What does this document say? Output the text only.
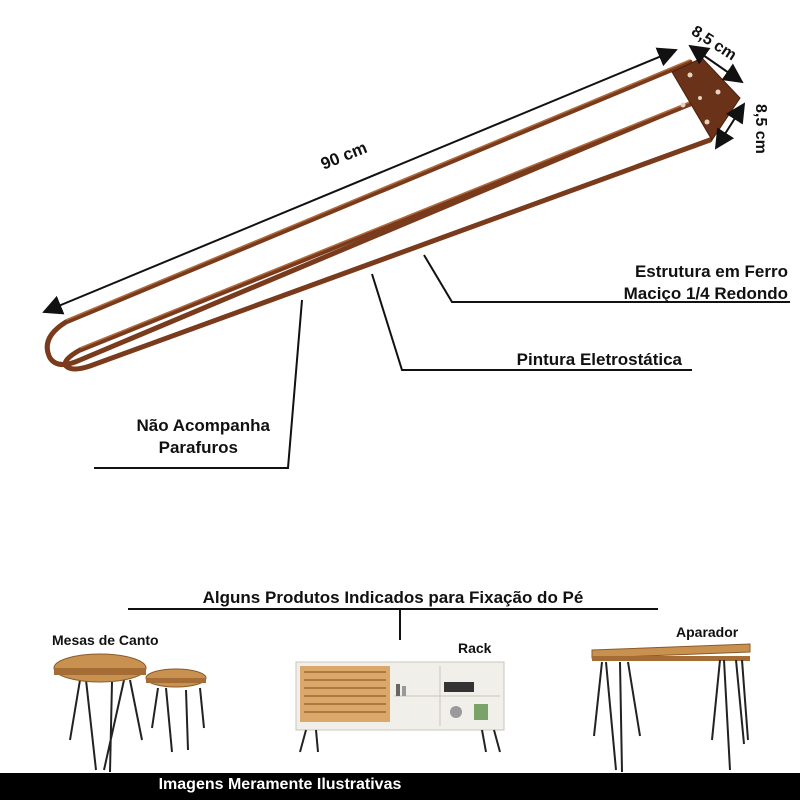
90 cm
8,5 cm
8,5 cm
Estrutura em Ferro
Maciço 1/4 Redondo
Pintura Eletrostática
Não Acompanha
Parafuros
Alguns Produtos Indicados para Fixação do Pé
Mesas de Canto	Rack
Aparador
Imagens Meramente Ilustrativas
